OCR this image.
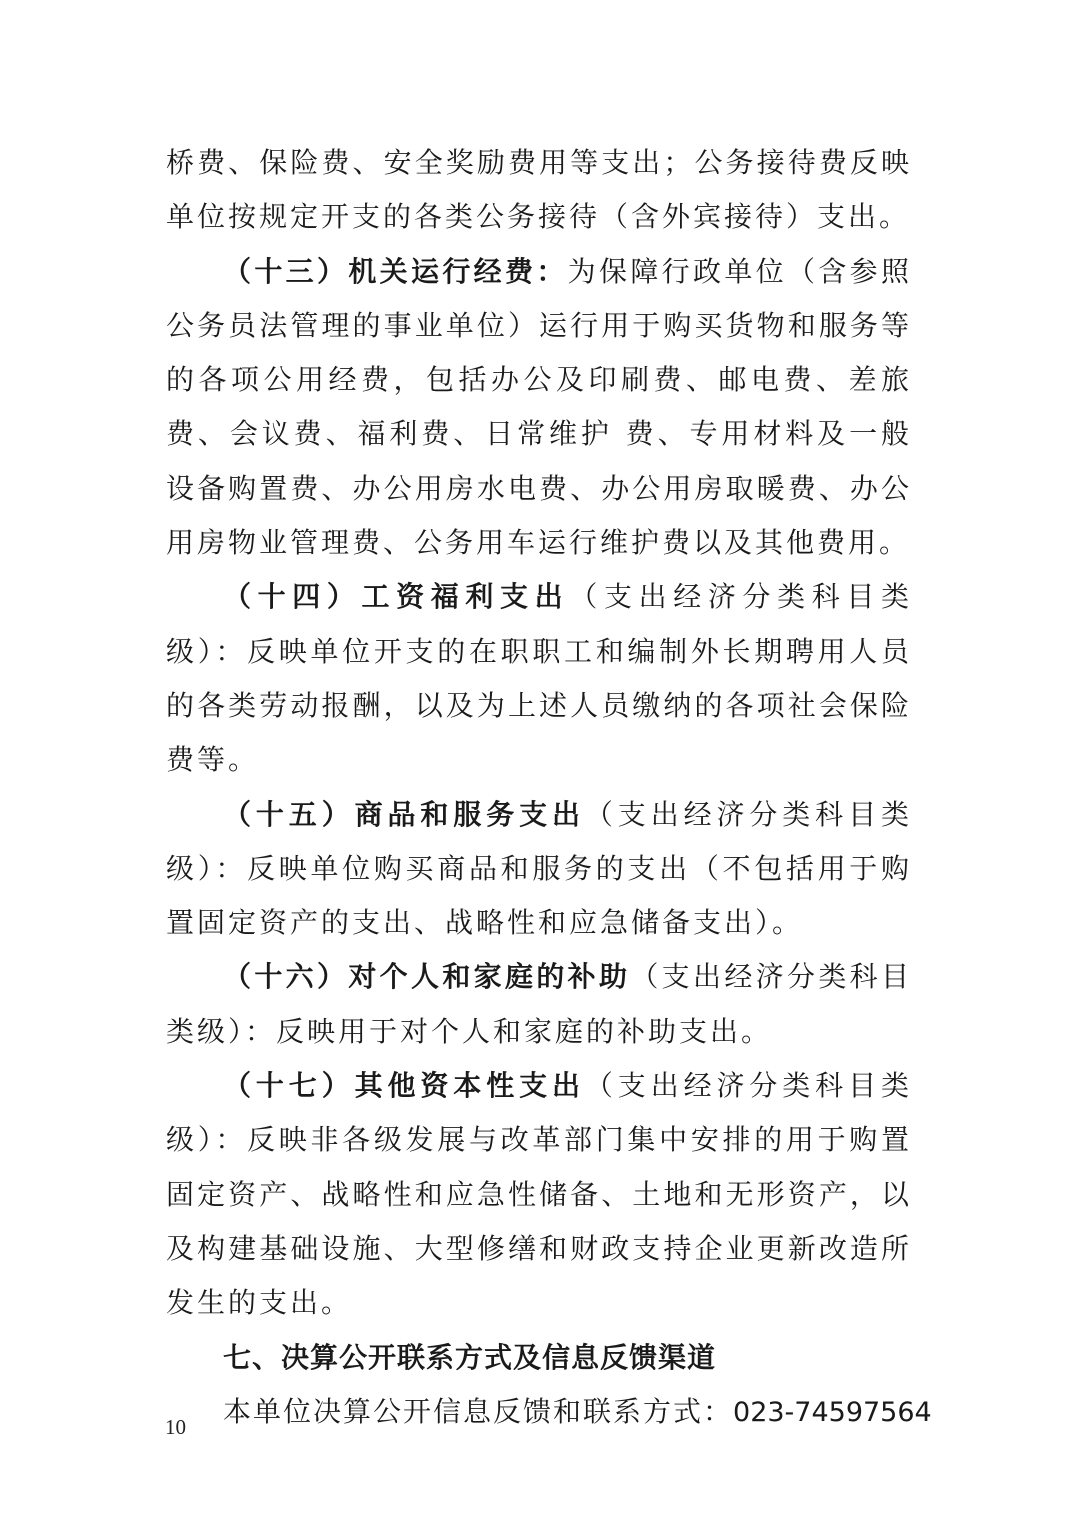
桥费、保险费、安全奖励费用等支出；公务接待费反映单位按规定开支的各类公务接待（含外宾接待）支出。

（十三）机关运行经费：为保障行政单位（含参照公务员法管理的事业单位）运行用于购买货物和服务等的各项公用经费，包括办公及印刷费、邮电费、差旅费、会议费、福利费、日常维护 费、专用材料及一般设备购置费、办公用房水电费、办公用房取暖费、办公用房物业管理费、公务用车运行维护费以及其他费用。

（十四）工资福利支出（支出经济分类科目类级）：反映单位开支的在职职工和编制外长期聘用人员的各类劳动报酬，以及为上述人员缴纳的各项社会保险费等。

（十五）商品和服务支出（支出经济分类科目类级）：反映单位购买商品和服务的支出（不包括用于购置固定资产的支出、战略性和应急储备支出）。

（十六）对个人和家庭的补助（支出经济分类科目类级）：反映用于对个人和家庭的补助支出。

（十七）其他资本性支出（支出经济分类科目类级）：反映非各级发展与改革部门集中安排的用于购置固定资产、战略性和应急性储备、土地和无形资产，以及构建基础设施、大型修缮和财政支持企业更新改造所发生的支出。

七、决算公开联系方式及信息反馈渠道

本单位决算公开信息反馈和联系方式：023-74597564

10
